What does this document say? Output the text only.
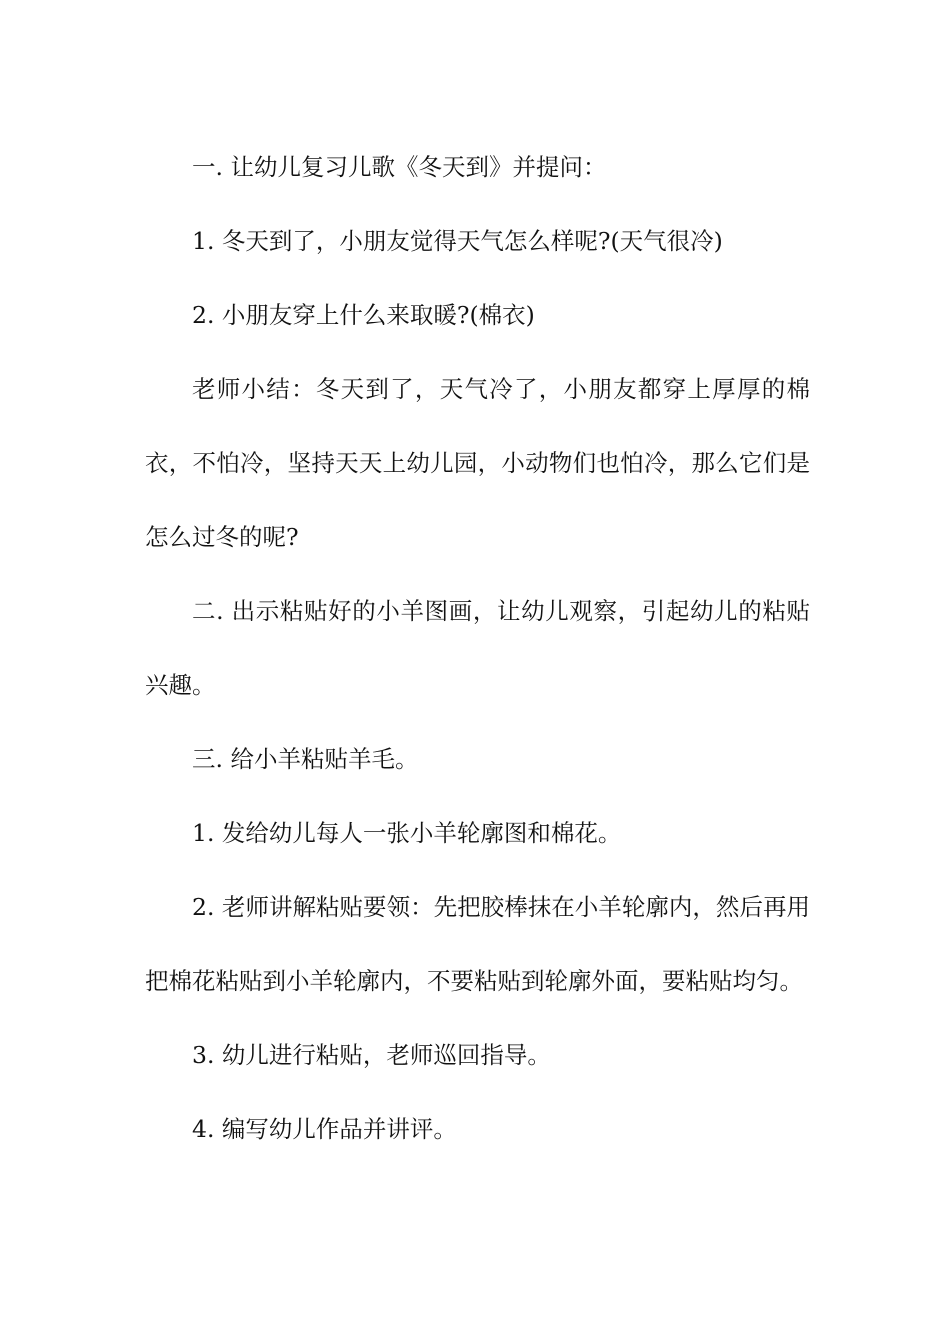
一. 让幼儿复习儿歌《冬天到》并提问：

1. 冬天到了，小朋友觉得天气怎么样呢?(天气很冷)

2. 小朋友穿上什么来取暖?(棉衣)

老师小结：冬天到了，天气冷了，小朋友都穿上厚厚的棉衣，不怕冷，坚持天天上幼儿园，小动物们也怕冷，那么它们是怎么过冬的呢?

二. 出示粘贴好的小羊图画，让幼儿观察，引起幼儿的粘贴兴趣。

三. 给小羊粘贴羊毛。

1. 发给幼儿每人一张小羊轮廓图和棉花。

2. 老师讲解粘贴要领：先把胶棒抹在小羊轮廓内，然后再用把棉花粘贴到小羊轮廓内，不要粘贴到轮廓外面，要粘贴均匀。

3. 幼儿进行粘贴，老师巡回指导。

4. 编写幼儿作品并讲评。
